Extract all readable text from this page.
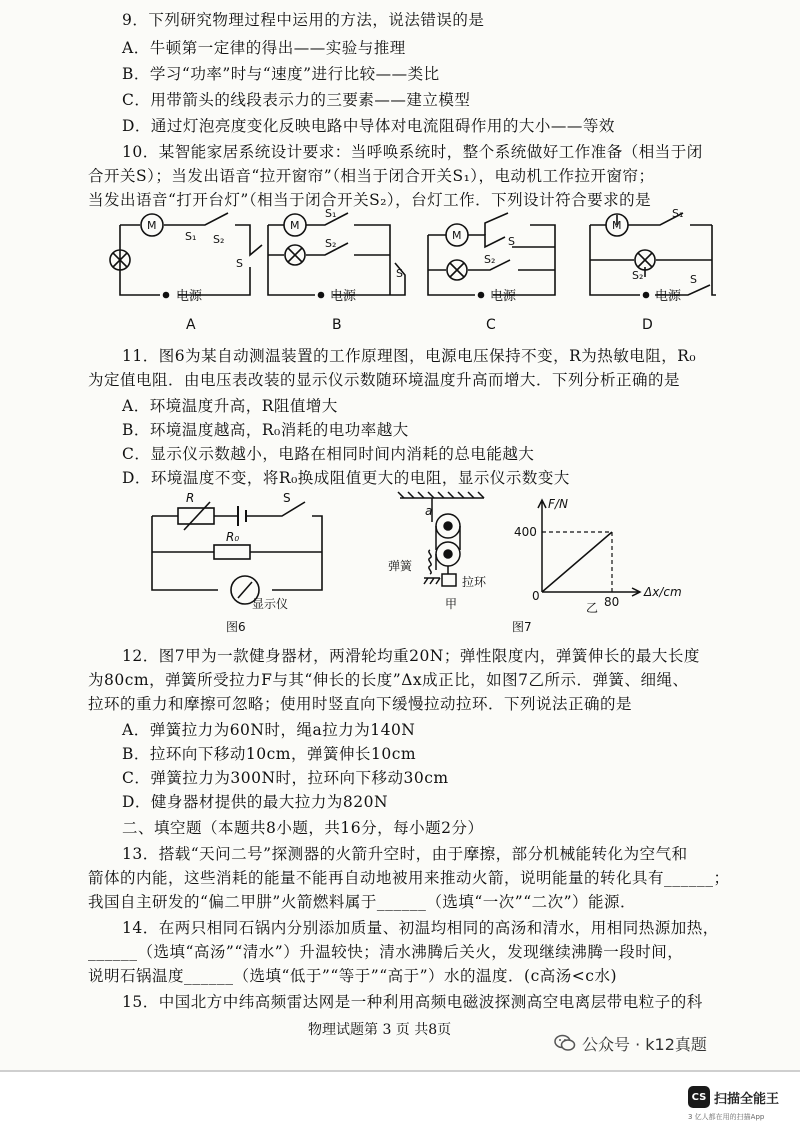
9．下列研究物理过程中运用的方法，说法错误的是
A．牛顿第一定律的得出——实验与推理
B．学习“功率”时与“速度”进行比较——类比
C．用带箭头的线段表示力的三要素——建立模型
D．通过灯泡亮度变化反映电路中导体对电流阻碍作用的大小——等效
10．某智能家居系统设计要求：当呼唤系统时，整个系统做好工作准备（相当于闭
合开关S）；当发出语音“拉开窗帘”（相当于闭合开关S₁），电动机工作拉开窗帘；
当发出语音“打开台灯”（相当于闭合开关S₂），台灯工作．下列设计符合要求的是
11．图6为某自动测温装置的工作原理图，电源电压保持不变，R为热敏电阻，R₀
为定值电阻．由电压表改装的显示仪示数随环境温度升高而增大．下列分析正确的是
A．环境温度升高，R阻值增大
B．环境温度越高，R₀消耗的电功率越大
C．显示仪示数越小，电路在相同时间内消耗的总电能越大
D．环境温度不变，将R₀换成阻值更大的电阻，显示仪示数变大
12．图7甲为一款健身器材，两滑轮均重20N；弹性限度内，弹簧伸长的最大长度
为80cm，弹簧所受拉力F与其“伸长的长度”Δx成正比，如图7乙所示．弹簧、细绳、
拉环的重力和摩擦可忽略；使用时竖直向下缓慢拉动拉环．下列说法正确的是
A．弹簧拉力为60N时，绳a拉力为140N
B．拉环向下移动10cm，弹簧伸长10cm
C．弹簧拉力为300N时，拉环向下移动30cm
D．健身器材提供的最大拉力为820N
二、填空题（本题共8小题，共16分，每小题2分）
13．搭载“天问二号”探测器的火箭升空时，由于摩擦，部分机械能转化为空气和
箭体的内能，这些消耗的能量不能再自动地被用来推动火箭，说明能量的转化具有______；
我国自主研发的“偏二甲肼”火箭燃料属于______（选填“一次”“二次”）能源．
14．在两只相同石锅内分别添加质量、初温均相同的高汤和清水，用相同热源加热，
______（选填“高汤”“清水”）升温较快；清水沸腾后关火，发现继续沸腾一段时间，
说明石锅温度______（选填“低于”“等于”“高于”）水的温度．(c高汤<c水)
15．中国北方中纬高频雷达网是一种利用高频电磁波探测高空电离层带电粒子的科
M	M
M
M
S₁ S₂
S
S₁
S₂
S
S
S₂
S₁
S₂	S
电源	电源	电源	电源
A	B	C	D
R	S
R₀
显示仪
图6
a
弹簧
拉环
甲
F/N
Δx/cm
400
80
0
乙
图7
物理试题第 3 页 共8页
公众号 · k12真题
CS 扫描全能王
3 亿人都在用的扫描App
